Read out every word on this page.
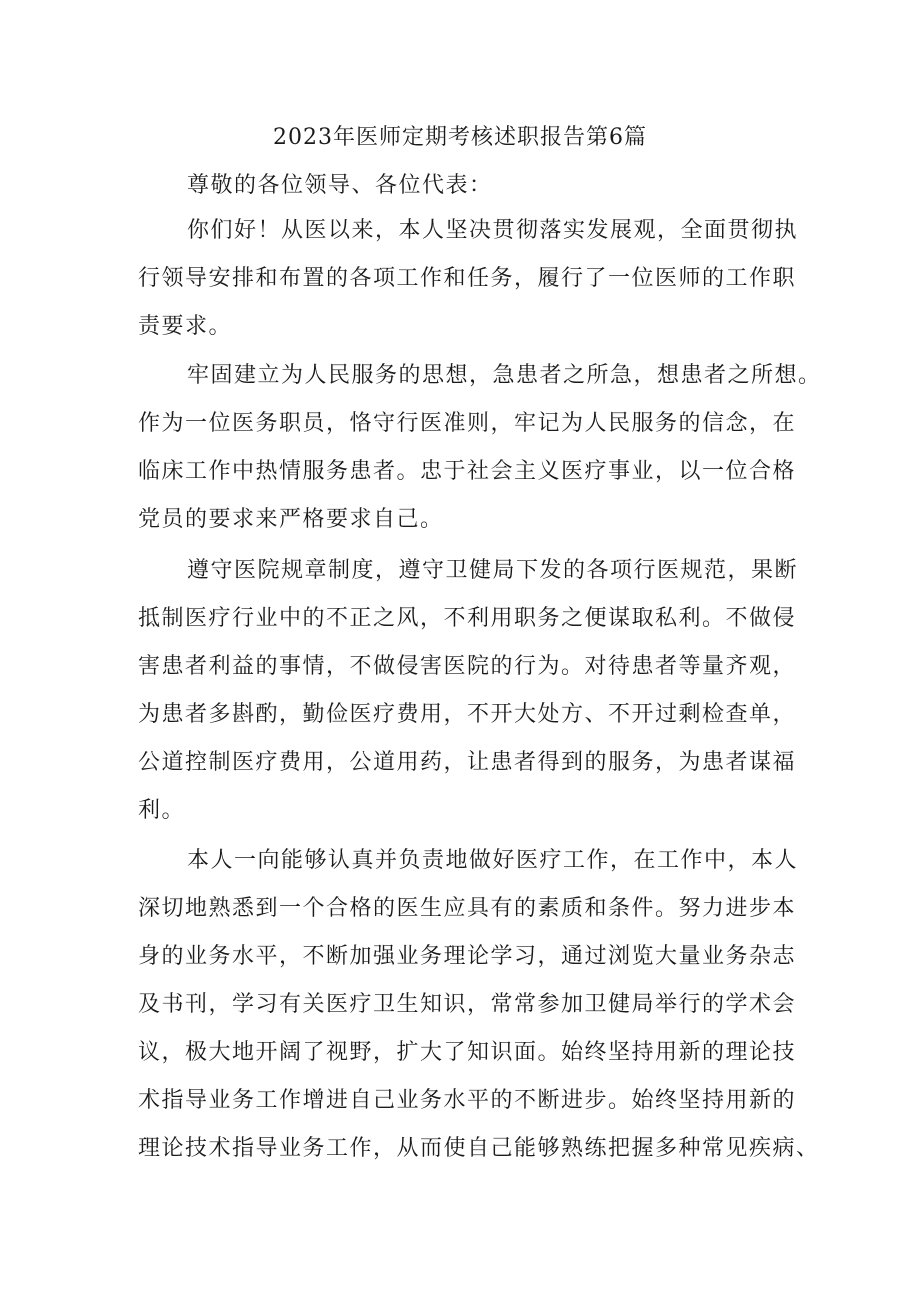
2023年医师定期考核述职报告第6篇
尊敬的各位领导、各位代表：
你们好！从医以来，本人坚决贯彻落实发展观，全面贯彻执
行领导安排和布置的各项工作和任务，履行了一位医师的工作职
责要求。
牢固建立为人民服务的思想，急患者之所急，想患者之所想。
作为一位医务职员，恪守行医准则，牢记为人民服务的信念，在
临床工作中热情服务患者。忠于社会主义医疗事业，以一位合格
党员的要求来严格要求自己。
遵守医院规章制度，遵守卫健局下发的各项行医规范，果断
抵制医疗行业中的不正之风，不利用职务之便谋取私利。不做侵
害患者利益的事情，不做侵害医院的行为。对待患者等量齐观，
为患者多斟酌，勤俭医疗费用，不开大处方、不开过剩检查单，
公道控制医疗费用，公道用药，让患者得到的服务，为患者谋福
利。
本人一向能够认真并负责地做好医疗工作，在工作中，本人
深切地熟悉到一个合格的医生应具有的素质和条件。努力进步本
身的业务水平，不断加强业务理论学习，通过浏览大量业务杂志
及书刊，学习有关医疗卫生知识，常常参加卫健局举行的学术会
议，极大地开阔了视野，扩大了知识面。始终坚持用新的理论技
术指导业务工作增进自己业务水平的不断进步。始终坚持用新的
理论技术指导业务工作，从而使自己能够熟练把握多种常见疾病、
